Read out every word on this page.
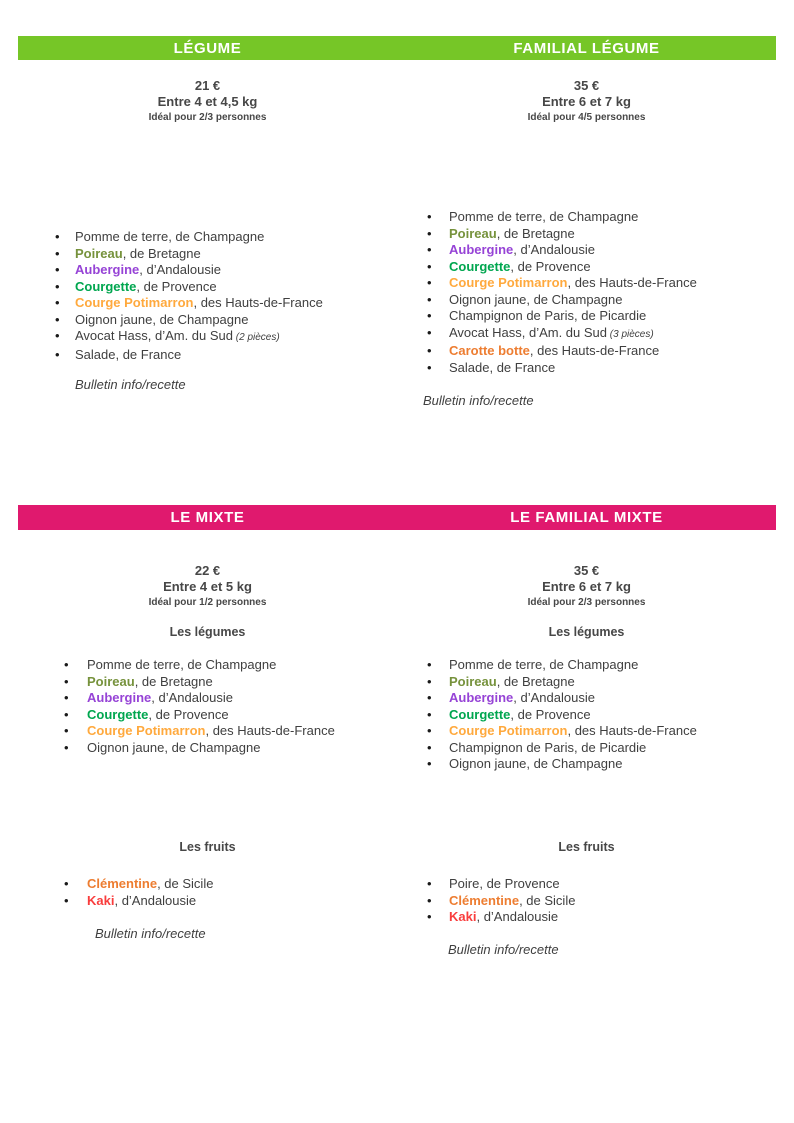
LÉGUME	FAMILIAL LÉGUME
21 €
Entre 4 et 4,5 kg
Idéal pour 2/3 personnes
35 €
Entre 6 et 7 kg
Idéal pour 4/5 personnes
• Pomme de terre, de Champagne
• Poireau, de Bretagne
• Aubergine, d’Andalousie
• Courgette, de Provence
• Courge Potimarron, des Hauts-de-France
• Oignon jaune, de Champagne
• Avocat Hass, d’Am. du Sud (2 pièces)
• Salade, de France
• Pomme de terre, de Champagne
• Poireau, de Bretagne
• Aubergine, d’Andalousie
• Courgette, de Provence
• Courge Potimarron, des Hauts-de-France
• Oignon jaune, de Champagne
• Champignon de Paris, de Picardie
• Avocat Hass, d’Am. du Sud (3 pièces)
• Carotte botte, des Hauts-de-France
• Salade, de France
Bulletin info/recette
Bulletin info/recette
LE MIXTE	LE FAMILIAL MIXTE
22 €
Entre 4 et 5 kg
Idéal pour 1/2 personnes
35 €
Entre 6 et 7 kg
Idéal pour 2/3 personnes
Les légumes	Les légumes
• Pomme de terre, de Champagne
• Poireau, de Bretagne
• Aubergine, d’Andalousie
• Courgette, de Provence
• Courge Potimarron, des Hauts-de-France
• Oignon jaune, de Champagne
• Pomme de terre, de Champagne
• Poireau, de Bretagne
• Aubergine, d’Andalousie
• Courgette, de Provence
• Courge Potimarron, des Hauts-de-France
• Champignon de Paris, de Picardie
• Oignon jaune, de Champagne
Les fruits	Les fruits
• Clémentine, de Sicile
• Kaki, d’Andalousie
• Poire, de Provence
• Clémentine, de Sicile
• Kaki, d’Andalousie
Bulletin info/recette
Bulletin info/recette
